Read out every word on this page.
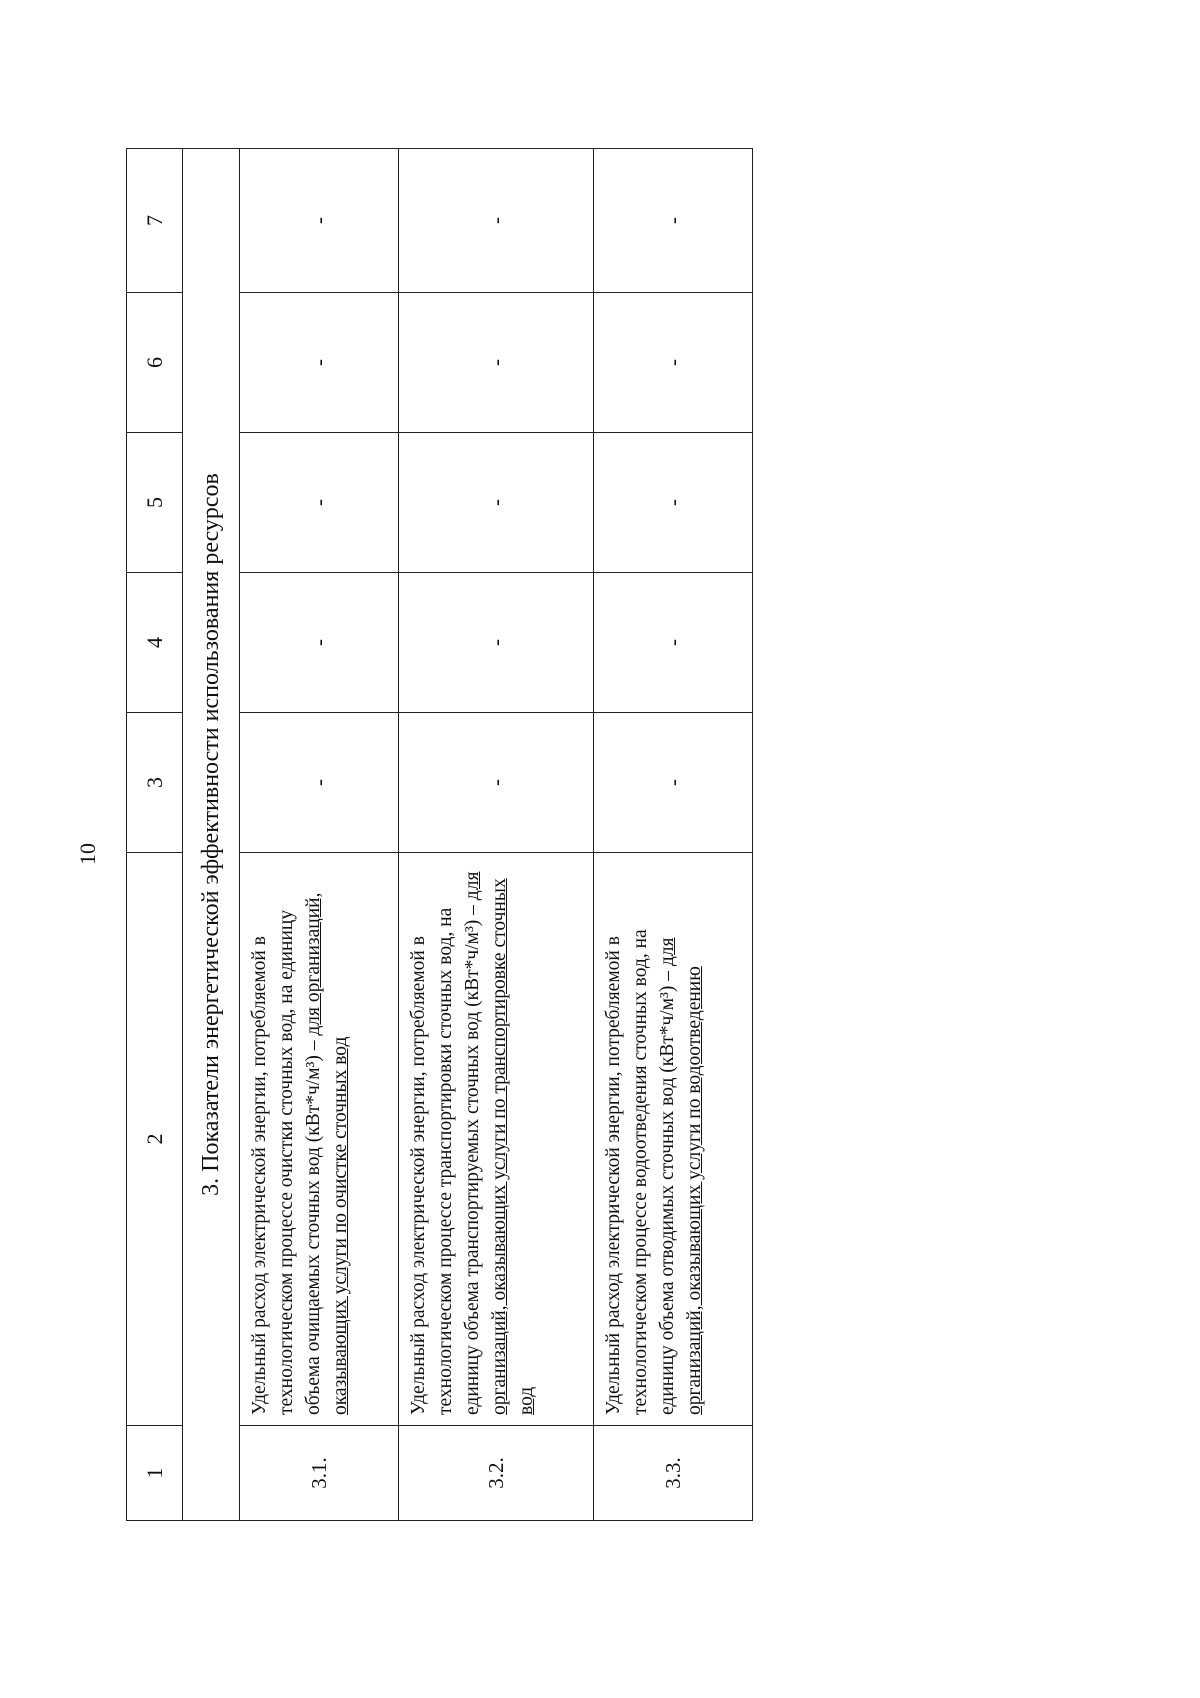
10
1	2	3	4	5	6	7
3. Показатели энергетической эффективности использования ресурсов						
3.1.	Удельный расход электрической энергии, потребляемой в технологическом процессе очистки сточных вод, на единицу объема очищаемых сточных вод (кВт*ч/м³) – для организаций, оказывающих услуги по очистке сточных вод	-	-	-	-	-
3.2.	Удельный расход электрической энергии, потребляемой в технологическом процессе транспортировки сточных вод, на единицу объема транспортируемых сточных вод (кВт*ч/м³) – для организаций, оказывающих услуги по транспортировке сточных вод	-	-	-	-	-
3.3.	Удельный расход электрической энергии, потребляемой в технологическом процессе водоотведения сточных вод, на единицу объема отводимых сточных вод (кВт*ч/м³) – для организаций, оказывающих услуги по водоотведению	-	-	-	-	-
